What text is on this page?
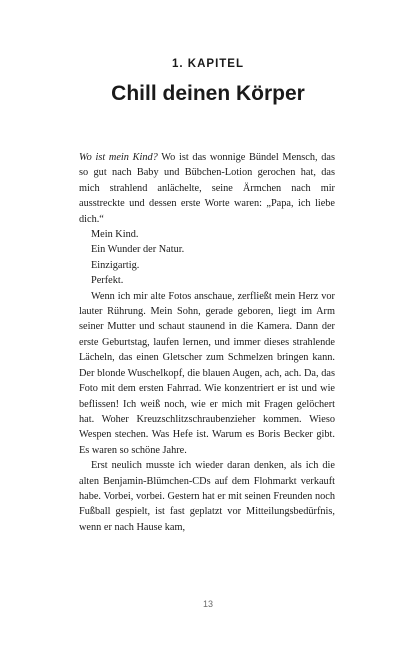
1. KAPITEL
Chill deinen Körper

Wo ist mein Kind? Wo ist das wonnige Bündel Mensch, das so gut nach Baby und Bübchen-Lotion gerochen hat, das mich strahlend anlächelte, seine Ärmchen nach mir ausstreckte und dessen erste Worte waren: „Papa, ich liebe dich.“

Mein Kind.

Ein Wunder der Natur.

Einzigartig.

Perfekt.

Wenn ich mir alte Fotos anschaue, zerfließt mein Herz vor lauter Rührung. Mein Sohn, gerade geboren, liegt im Arm seiner Mutter und schaut staunend in die Kamera. Dann der erste Geburtstag, laufen lernen, und immer dieses strahlende Lächeln, das einen Gletscher zum Schmelzen bringen kann. Der blonde Wuschelkopf, die blauen Augen, ach, ach. Da, das Foto mit dem ersten Fahrrad. Wie konzentriert er ist und wie beflissen! Ich weiß noch, wie er mich mit Fragen gelöchert hat. Woher Kreuzschlitzschraubenzieher kommen. Wieso Wespen stechen. Was Hefe ist. Warum es Boris Becker gibt. Es waren so schöne Jahre.

Erst neulich musste ich wieder daran denken, als ich die alten Benjamin-Blümchen-CDs auf dem Flohmarkt verkauft habe. Vorbei, vorbei. Gestern hat er mit seinen Freunden noch Fußball gespielt, ist fast geplatzt vor Mitteilungsbedürfnis, wenn er nach Hause kam,

13
